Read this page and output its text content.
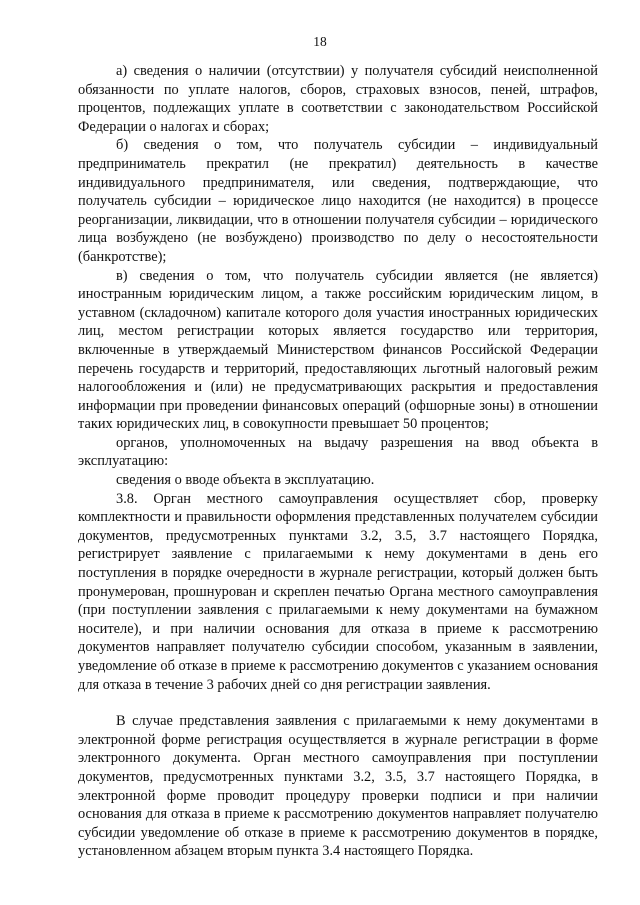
18

а) сведения о наличии (отсутствии) у получателя субсидий неисполненной обязанности по уплате налогов, сборов, страховых взносов, пеней, штрафов, процентов, подлежащих уплате в соответствии с законодательством Российской Федерации о налогах и сборах;

б) сведения о том, что получатель субсидии – индивидуальный предприниматель прекратил (не прекратил) деятельность в качестве индивидуального предпринимателя, или сведения, подтверждающие, что получатель субсидии – юридическое лицо находится (не находится) в процессе реорганизации, ликвидации, что в отношении получателя субсидии – юридического лица возбуждено (не возбуждено) производство по делу о несостоятельности (банкротстве);

в) сведения о том, что получатель субсидии является (не является) иностранным юридическим лицом, а также российским юридическим лицом, в уставном (складочном) капитале которого доля участия иностранных юридических лиц, местом регистрации которых является государство или территория, включенные в утверждаемый Министерством финансов Российской Федерации перечень государств и территорий, предоставляющих льготный налоговый режим налогообложения и (или) не предусматривающих раскрытия и предоставления информации при проведении финансовых операций (офшорные зоны) в отношении таких юридических лиц, в совокупности превышает 50 процентов;

органов, уполномоченных на выдачу разрешения на ввод объекта в эксплуатацию:

сведения о вводе объекта в эксплуатацию.

3.8. Орган местного самоуправления осуществляет сбор, проверку комплектности и правильности оформления представленных получателем субсидии документов, предусмотренных пунктами 3.2, 3.5, 3.7 настоящего Порядка, регистрирует заявление с прилагаемыми к нему документами в день его поступления в порядке очередности в журнале регистрации, который должен быть пронумерован, прошнурован и скреплен печатью Органа местного самоуправления (при поступлении заявления с прилагаемыми к нему документами на бумажном носителе), и при наличии основания для отказа в приеме к рассмотрению документов направляет получателю субсидии способом, указанным в заявлении, уведомление об отказе в приеме к рассмотрению документов с указанием основания для отказа в течение 3 рабочих дней со дня регистрации заявления.

В случае представления заявления с прилагаемыми к нему документами в электронной форме регистрация осуществляется в журнале регистрации в форме электронного документа. Орган местного самоуправления при поступлении документов, предусмотренных пунктами 3.2, 3.5, 3.7 настоящего Порядка, в электронной форме проводит процедуру проверки подписи и при наличии основания для отказа в приеме к рассмотрению документов направляет получателю субсидии уведомление об отказе в приеме к рассмотрению документов в порядке, установленном абзацем вторым пункта 3.4 настоящего Порядка.
